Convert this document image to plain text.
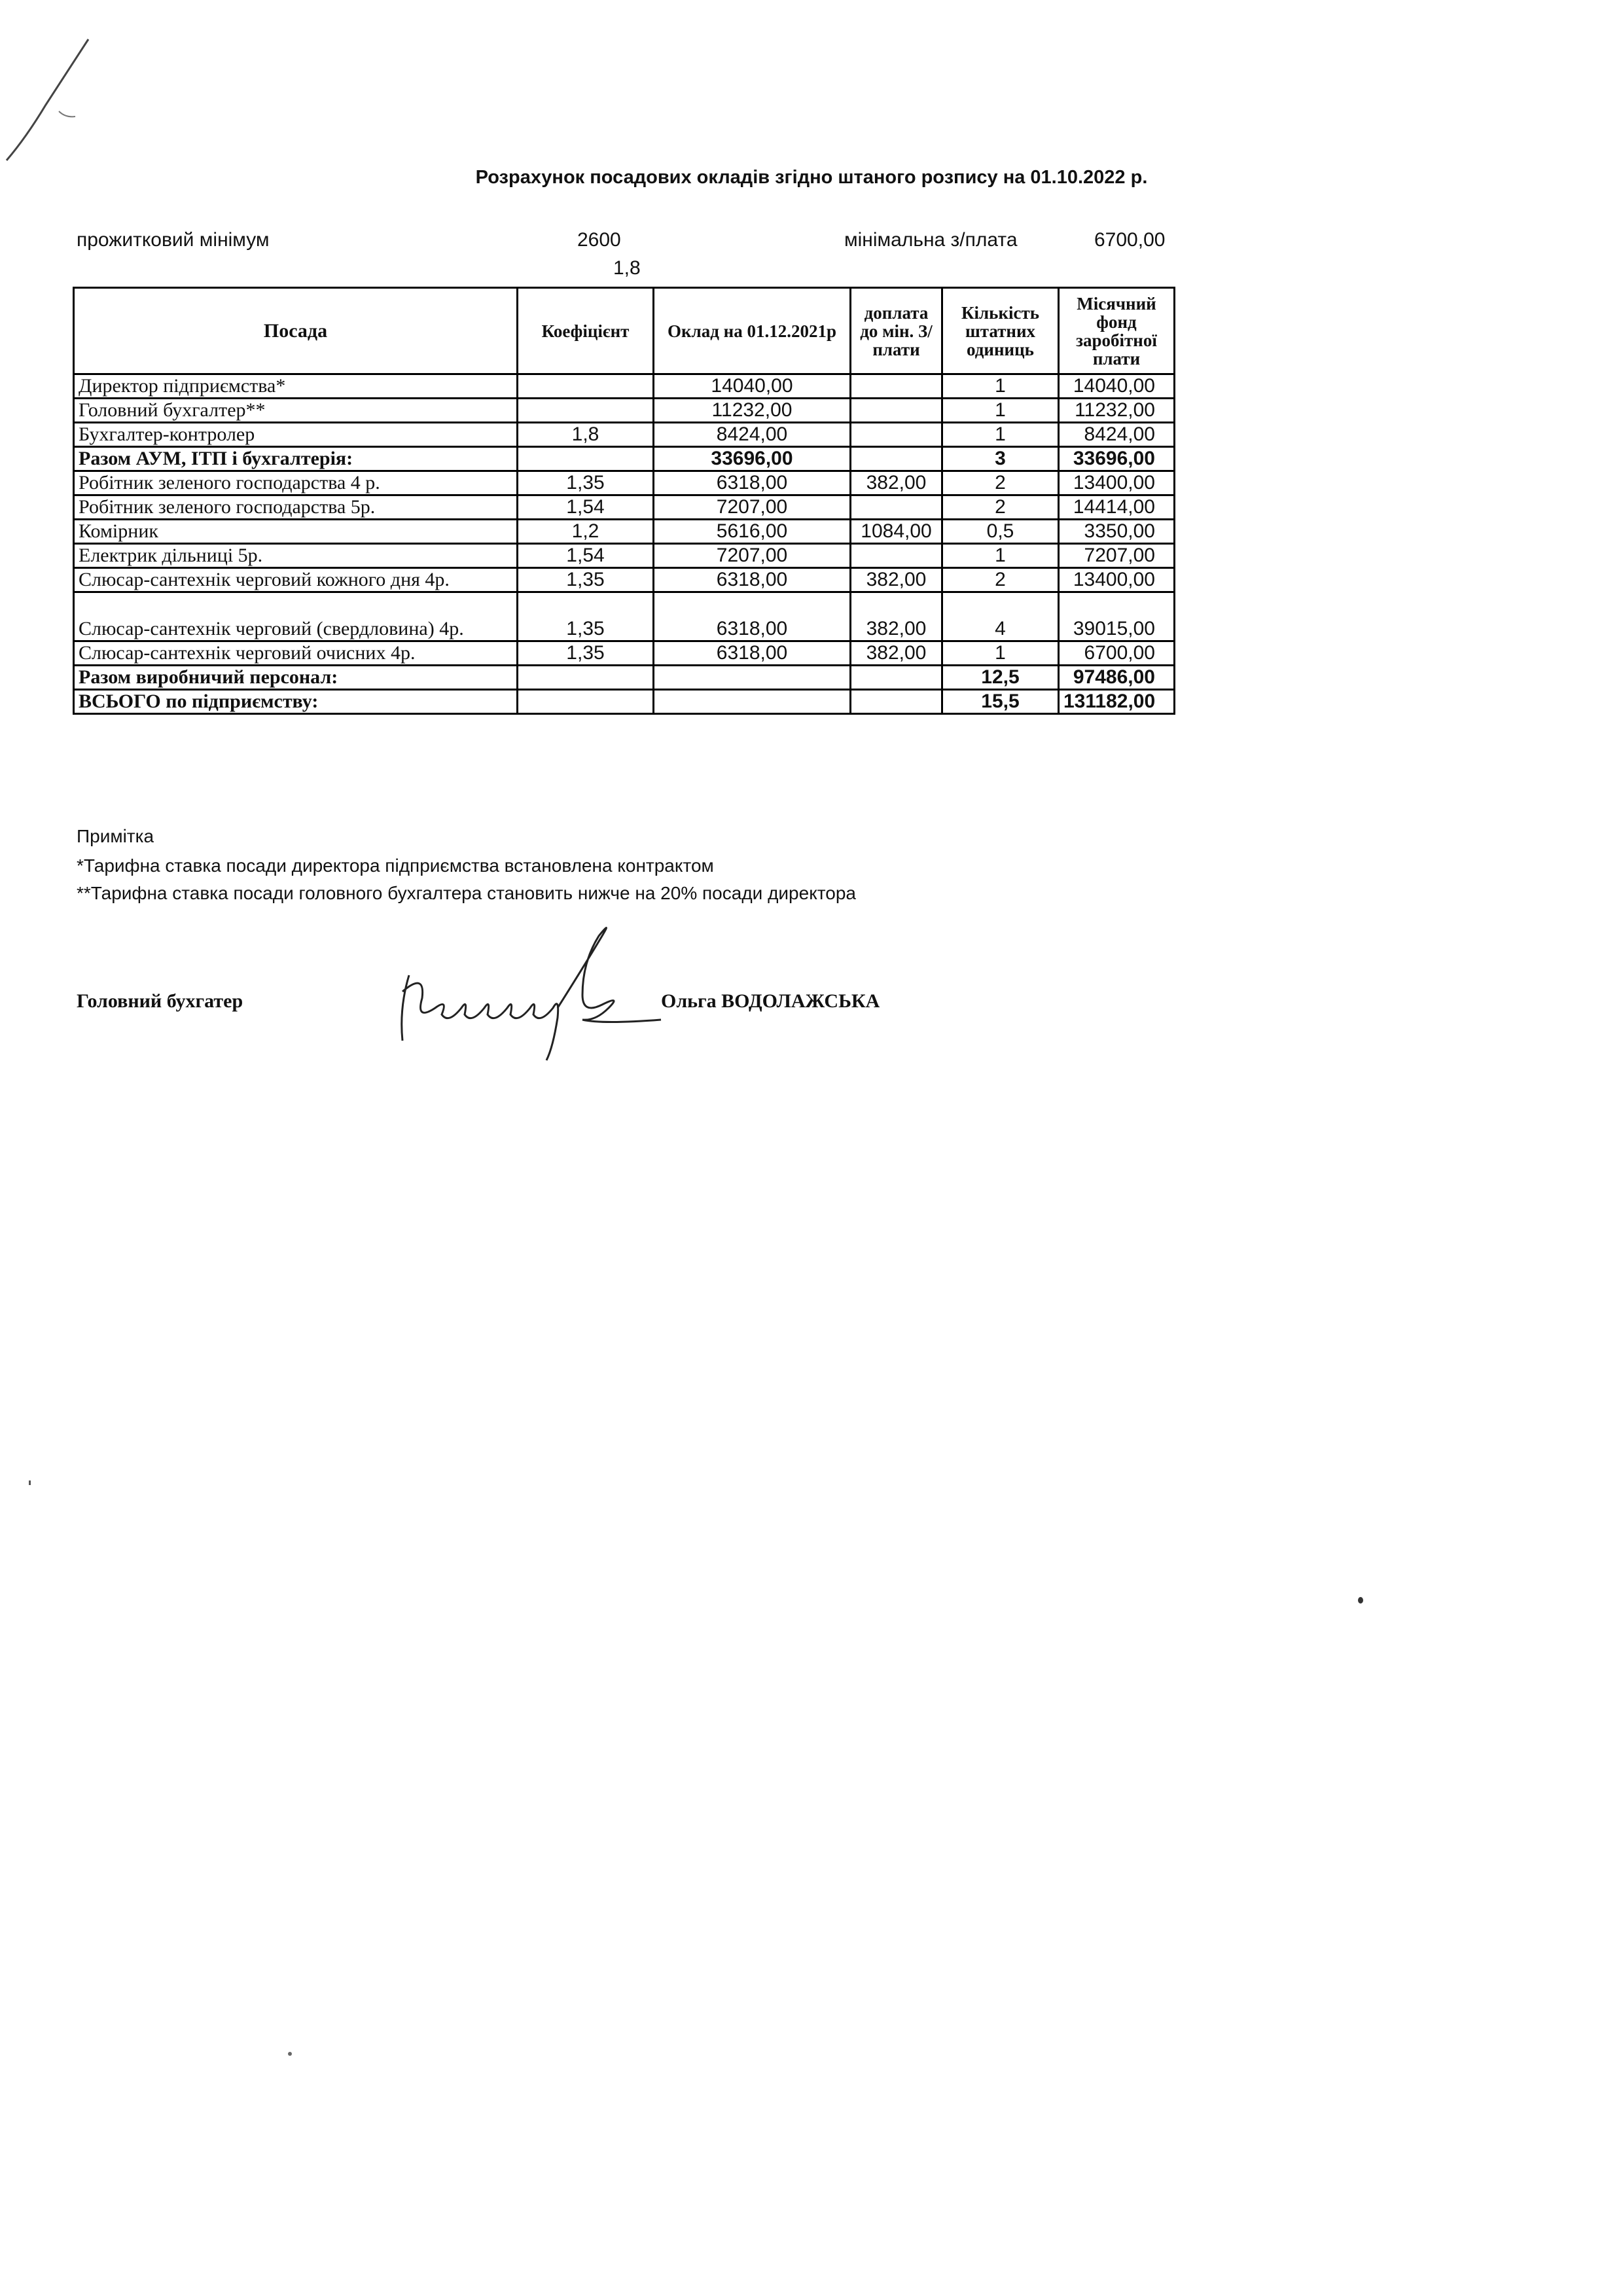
Розрахунок посадових окладів згідно штаного розпису на 01.10.2022 р.
прожитковий мінімум	2600
1,8
мінімальна з/плата	6700,00
Посада	Коефіцієнт	Оклад на 01.12.2021р	доплата до мін. З/плати	Кількість штатних одиниць	Місячний фонд заробітної плати
Директор підприємства*		14040,00		1	14040,00
Головний бухгалтер**		11232,00		1	11232,00
Бухгалтер-контролер	1,8	8424,00		1	8424,00
Разом АУМ, ІТП і бухгалтерія:		33696,00		3	33696,00
Робітник зеленого господарства 4 р.	1,35	6318,00	382,00	2	13400,00
Робітник зеленого господарства 5р.	1,54	7207,00		2	14414,00
Комірник	1,2	5616,00	1084,00	0,5	3350,00
Електрик дільниці 5р.	1,54	7207,00		1	7207,00
Слюсар-сантехнік черговий кожного дня 4р.	1,35	6318,00	382,00	2	13400,00
Слюсар-сантехнік черговий (свердловина) 4р.	1,35	6318,00	382,00	4	39015,00
Слюсар-сантехнік черговий очисних 4р.	1,35	6318,00	382,00	1	6700,00
Разом виробничий персонал:				12,5	97486,00
ВСЬОГО по підприємству:				15,5	131182,00
Примітка
*Тарифна ставка посади директора підприємства встановлена контрактом
**Тарифна ставка посади головного бухгалтера становить нижче на 20% посади директора
Головний бухгатер	Ольга ВОДОЛАЖСЬКА
